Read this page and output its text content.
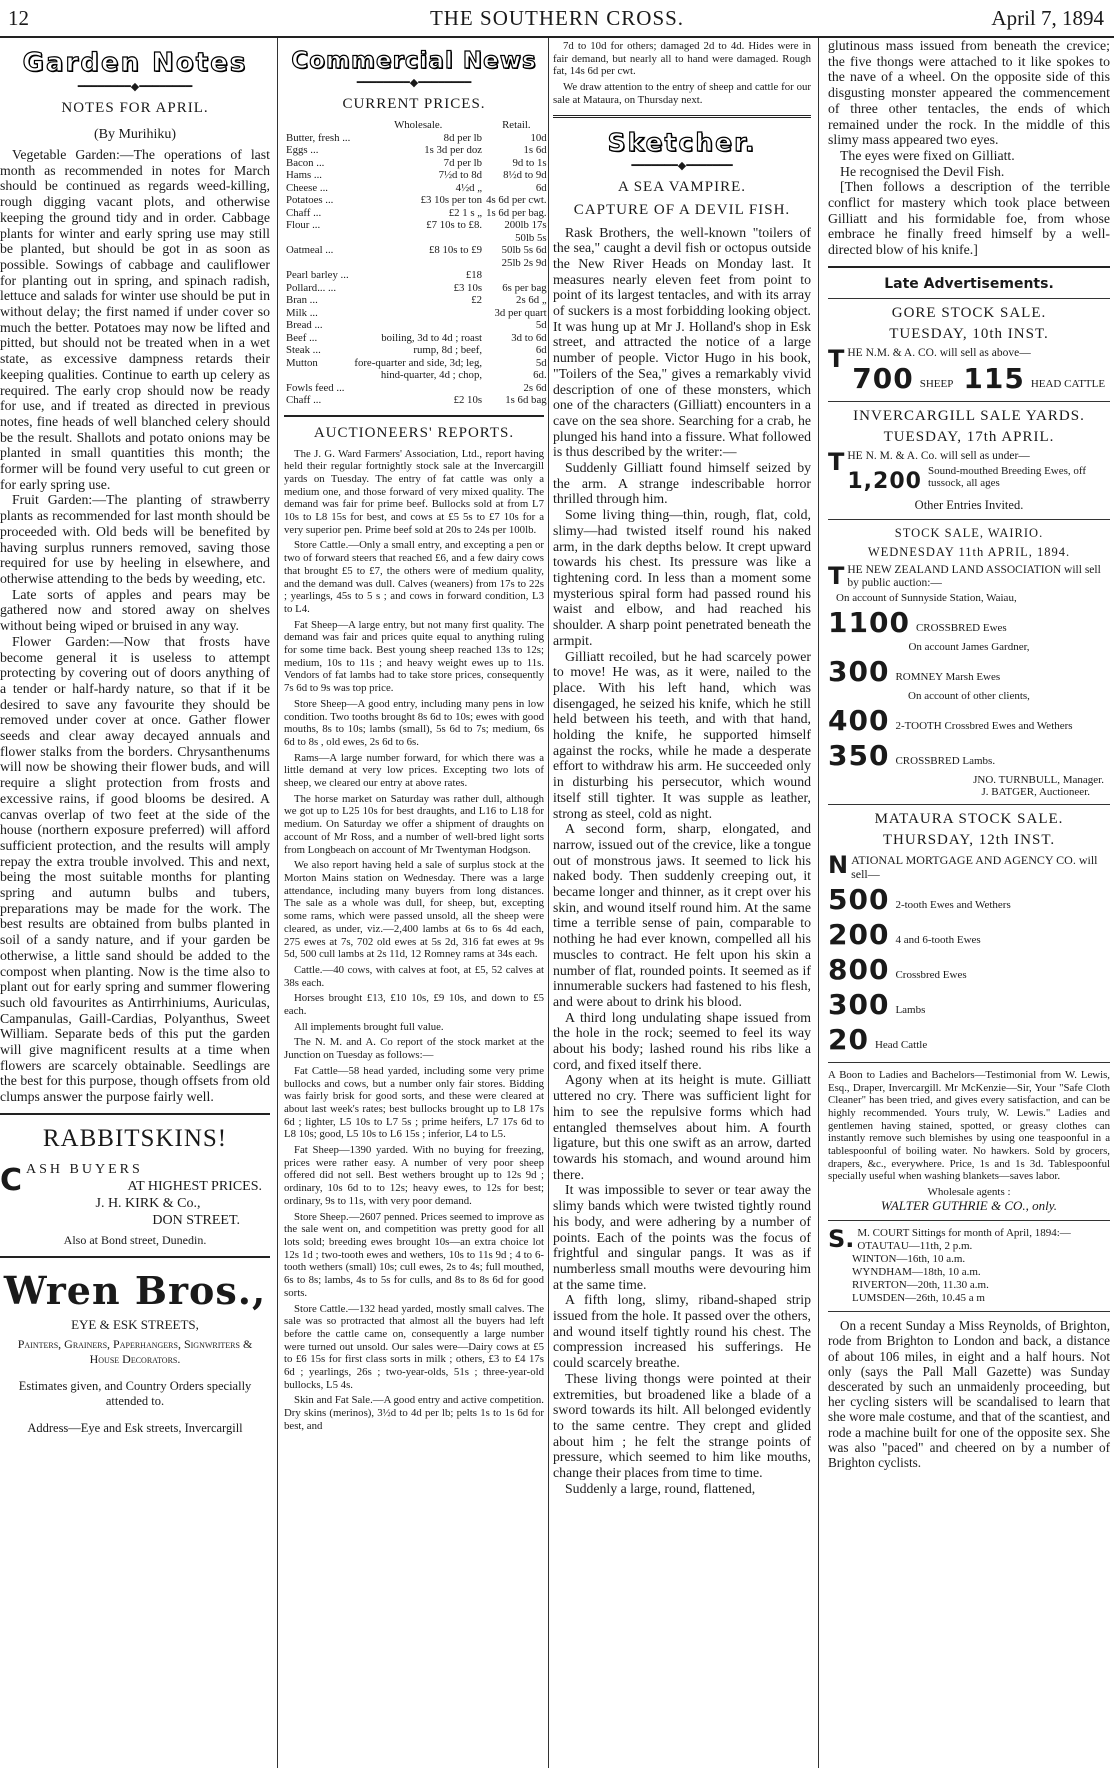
12	THE SOUTHERN CROSS.	April 7, 1894
Garden Notes
━━━━━━━━◆━━━━━━━━
NOTES FOR APRIL.
(By Murihiku)

Vegetable Garden:—The operations of last month as recommended in notes for March should be continued as regards weed-killing, rough digging vacant plots, and otherwise keeping the ground tidy and in order. Cabbage plants for winter and early spring use may still be planted, but should be got in as soon as possible. Sowings of cabbage and cauliflower for planting out in spring, and spinach radish, lettuce and salads for winter use should be put in without delay; the first named if under cover so much the better. Potatoes may now be lifted and pitted, but should not be treated when in a wet state, as excessive dampness retards their keeping qualities. Continue to earth up celery as required. The early crop should now be ready for use, and if treated as directed in previous notes, fine heads of well blanched celery should be the result. Shallots and potato onions may be planted in small quantities this month; the former will be found very useful to cut green or for early spring use.

Fruit Garden:—The planting of strawberry plants as recommended for last month should be proceeded with. Old beds will be benefited by having surplus runners removed, saving those required for use by heeling in elsewhere, and otherwise attending to the beds by weeding, etc.

Late sorts of apples and pears may be gathered now and stored away on shelves without being wiped or bruised in any way.

Flower Garden:—Now that frosts have become general it is useless to attempt protecting by covering out of doors anything of a tender or half-hardy nature, so that if it be desired to save any favourite they should be removed under cover at once. Gather flower seeds and clear away decayed annuals and flower stalks from the borders. Chrysanthenums will now be showing their flower buds, and will require a slight protection from frosts and excessive rains, if good blooms be desired. A canvas overlap of two feet at the side of the house (northern exposure preferred) will afford sufficient protection, and the results will amply repay the extra trouble involved. This and next, being the most suitable months for planting spring and autumn bulbs and tubers, preparations may be made for the work. The best results are obtained from bulbs planted in soil of a sandy nature, and if your garden be otherwise, a little sand should be added to the compost when planting. Now is the time also to plant out for early spring and summer flowering such old favourites as Antirrhiniums, Auriculas, Campanulas, Gaill-Cardias, Polyanthus, Sweet William. Separate beds of this put the garden will give magnificent results at a time when flowers are scarcely obtainable. Seedlings are the best for this purpose, though offsets from old clumps answer the purpose fairly well.

RABBITSKINS!
C ASH BUYERS
AT HIGHEST PRICES.
J. H. KIRK & Co.,
DON STREET.
Also at Bond street, Dunedin.
Wren Bros.,
EYE & ESK STREETS,
Painters, Grainers, Paperhangers, Signwriters & House Decorators.
Estimates given, and Country Orders specially attended to.
Address—Eye and Esk streets, Invercargill
Commercial News
━━━━━━━━◆━━━━━━━━
CURRENT PRICES.
	Wholesale.	Retail.
Butter, fresh ...	8d per lb	10d
Eggs ...	1s 3d per doz	1s 6d
Bacon ...	7d per lb	9d to 1s
Hams ...	7½d to 8d	8½d to 9d
Cheese ...	4½d „	6d
Potatoes ...	£3 10s per ton	4s 6d per cwt.
Chaff ...	£2 1 s „	1s 6d per bag.
Flour ...	£7 10s to £8.	200lb 17s
		50lb 5s
Oatmeal ...	£8 10s to £9	50lb 5s 6d
		25lb 2s 9d
Pearl barley ...	£18	
Pollard... ...	£3 10s	6s per bag
Bran ...	£2	2s 6d „
Milk ...		3d per quart
Bread ...		5d
Beef ...	boiling, 3d to 4d ; roast	3d to 6d
Steak ...	rump, 8d ; beef,	6d
Mutton	fore-quarter and side, 3d; leg,	5d
	hind-quarter, 4d ; chop,	6d.
Fowls feed ...		2s 6d
Chaff ...	£2 10s	1s 6d bag
AUCTIONEERS' REPORTS.

The J. G. Ward Farmers' Association, Ltd., report having held their regular fortnightly stock sale at the Invercargill yards on Tuesday. The entry of fat cattle was only a medium one, and those forward of very mixed quality. The demand was fair for prime beef. Bullocks sold at from L7 10s to L8 15s for best, and cows at £5 5s to £7 10s for a very superior pen. Prime beef sold at 20s to 24s per 100lb.

Store Cattle.—Only a small entry, and excepting a pen or two of forward steers that reached £6, and a few dairy cows that brought £5 to £7, the others were of medium quality, and the demand was dull. Calves (weaners) from 17s to 22s ; yearlings, 45s to 5 s ; and cows in forward condition, L3 to L4.

Fat Sheep—A large entry, but not many first quality. The demand was fair and prices quite equal to anything ruling for some time back. Best young sheep reached 13s to 12s; medium, 10s to 11s ; and heavy weight ewes up to 11s. Vendors of fat lambs had to take store prices, consequently 7s 6d to 9s was top price.

Store Sheep—A good entry, including many pens in low condition. Two tooths brought 8s 6d to 10s; ewes with good mouths, 8s to 10s; lambs (small), 5s 6d to 7s; medium, 6s 6d to 8s , old ewes, 2s 6d to 6s.

Rams—A large number forward, for which there was a little demand at very low prices. Excepting two lots of sheep, we cleared our entry at above rates.

The horse market on Saturday was rather dull, although we got up to L25 10s for best draughts, and L16 to L18 for medium. On Saturday we offer a shipment of draughts on account of Mr Ross, and a number of well-bred light sorts from Longbeach on account of Mr Twentyman Hodgson.

We also report having held a sale of surplus stock at the Morton Mains station on Wednesday. There was a large attendance, including many buyers from long distances. The sale as a whole was dull, for sheep, but, excepting some rams, which were passed unsold, all the sheep were cleared, as under, viz.—2,400 lambs at 6s to 6s 4d each, 275 ewes at 7s, 702 old ewes at 5s 2d, 316 fat ewes at 9s 5d, 500 cull lambs at 2s 11d, 12 Romney rams at 34s each.

Cattle.—40 cows, with calves at foot, at £5, 52 calves at 38s each.

Horses brought £13, £10 10s, £9 10s, and down to £5 each.

All implements brought full value.

The N. M. and A. Co report of the stock market at the Junction on Tuesday as follows:—

Fat Cattle—58 head yarded, including some very prime bullocks and cows, but a number only fair stores. Bidding was fairly brisk for good sorts, and these were cleared at about last week's rates; best bullocks brought up to L8 17s 6d ; lighter, L5 10s to L7 5s ; prime heifers, L7 17s 6d to L8 10s; good, L5 10s to L6 15s ; inferior, L4 to L5.

Fat Sheep—1390 yarded. With no buying for freezing, prices were rather easy. A number of very poor sheep offered did not sell. Best wethers brought up to 12s 9d ; ordinary, 10s 6d to to 12s; heavy ewes, to 12s for best; ordinary, 9s to 11s, with very poor demand.

Store Sheep.—2607 penned. Prices seemed to improve as the sale went on, and competition was pretty good for all lots sold; breeding ewes brought 10s—an extra choice lot 12s 1d ; two-tooth ewes and wethers, 10s to 11s 9d ; 4 to 6-tooth wethers (small) 10s; cull ewes, 2s to 4s; full mouthed, 6s to 8s; lambs, 4s to 5s for culls, and 8s to 8s 6d for good sorts.

Store Cattle.—132 head yarded, mostly small calves. The sale was so protracted that almost all the buyers had left before the cattle came on, consequently a large number were turned out unsold. Our sales were—Dairy cows at £5 to £6 15s for first class sorts in milk ; others, £3 to £4 17s 6d ; yearlings, 26s ; two-year-olds, 51s ; three-year-old bullocks, L5 4s.

Skin and Fat Sale.—A good entry and active competition. Dry skins (merinos), 3½d to 4d per lb; pelts 1s to 1s 6d for best, and

7d to 10d for others; damaged 2d to 4d. Hides were in fair demand, but nearly all to hand were damaged. Rough fat, 14s 6d per cwt.

We draw attention to the entry of sheep and cattle for our sale at Mataura, on Thursday next.

Sketcher.
━━━━━━━◆━━━━━━━
A SEA VAMPIRE.
CAPTURE OF A DEVIL FISH.

Rask Brothers, the well-known "toilers of the sea," caught a devil fish or octopus outside the New River Heads on Monday last. It measures nearly eleven feet from point to point of its largest tentacles, and with its array of suckers is a most forbidding looking object. It was hung up at Mr J. Holland's shop in Esk street, and attracted the notice of a large number of people. Victor Hugo in his book, "Toilers of the Sea," gives a remarkably vivid description of one of these monsters, which one of the characters (Gilliatt) encounters in a cave on the sea shore. Searching for a crab, he plunged his hand into a fissure. What followed is thus described by the writer:—

Suddenly Gilliatt found himself seized by the arm. A strange indescribable horror thrilled through him.

Some living thing—thin, rough, flat, cold, slimy—had twisted itself round his naked arm, in the dark depths below. It crept upward towards his chest. Its pressure was like a tightening cord. In less than a moment some mysterious spiral form had passed round his waist and elbow, and had reached his shoulder. A sharp point penetrated beneath the armpit.

Gilliatt recoiled, but he had scarcely power to move! He was, as it were, nailed to the place. With his left hand, which was disengaged, he seized his knife, which he still held between his teeth, and with that hand, holding the knife, he supported himself against the rocks, while he made a desperate effort to withdraw his arm. He succeeded only in disturbing his persecutor, which wound itself still tighter. It was supple as leather, strong as steel, cold as night.

A second form, sharp, elongated, and narrow, issued out of the crevice, like a tongue out of monstrous jaws. It seemed to lick his naked body. Then suddenly creeping out, it became longer and thinner, as it crept over his skin, and wound itself round him. At the same time a terrible sense of pain, comparable to nothing he had ever known, compelled all his muscles to contract. He felt upon his skin a number of flat, rounded points. It seemed as if innumerable suckers had fastened to his flesh, and were about to drink his blood.

A third long undulating shape issued from the hole in the rock; seemed to feel its way about his body; lashed round his ribs like a cord, and fixed itself there.

Agony when at its height is mute. Gilliatt uttered no cry. There was sufficient light for him to see the repulsive forms which had entangled themselves about him. A fourth ligature, but this one swift as an arrow, darted towards his stomach, and wound around him there.

It was impossible to sever or tear away the slimy bands which were twisted tightly round his body, and were adhering by a number of points. Each of the points was the focus of frightful and singular pangs. It was as if numberless small mouths were devouring him at the same time.

A fifth long, slimy, riband-shaped strip issued from the hole. It passed over the others, and wound itself tightly round his chest. The compression increased his sufferings. He could scarcely breathe.

These living thongs were pointed at their extremities, but broadened like a blade of a sword towards its hilt. All belonged evidently to the same centre. They crept and glided about him ; he felt the strange points of pressure, which seemed to him like mouths, change their places from time to time.

Suddenly a large, round, flattened,

glutinous mass issued from beneath the crevice; the five thongs were attached to it like spokes to the nave of a wheel. On the opposite side of this disgusting monster appeared the commencement of three other tentacles, the ends of which remained under the rock. In the middle of this slimy mass appeared two eyes.

The eyes were fixed on Gilliatt.

He recognised the Devil Fish.

[Then follows a description of the terrible conflict for mastery which took place between Gilliatt and his formidable foe, from whose embrace he finally freed himself by a well-directed blow of his knife.]

Late Advertisements.
GORE STOCK SALE.
TUESDAY, 10th INST.
T HE N.M. & A. CO. will sell as above—
700 SHEEP 115 HEAD CATTLE
INVERCARGILL SALE YARDS.
TUESDAY, 17th APRIL.
T HE N. M. & A. Co. will sell as under—
1,200 Sound-mouthed Breeding Ewes, off tussock, all ages
Other Entries Invited.
STOCK SALE, WAIRIO.
WEDNESDAY 11th APRIL, 1894.
T HE NEW ZEALAND LAND ASSOCIATION will sell by public auction:—
On account of Sunnyside Station, Waiau,
1100 CROSSBRED Ewes
On account James Gardner,
300 ROMNEY Marsh Ewes
On account of other clients,
400 2-TOOTH Crossbred Ewes and Wethers
350 CROSSBRED Lambs.
JNO. TURNBULL, Manager.
J. BATGER, Auctioneer.
MATAURA STOCK SALE.
THURSDAY, 12th INST.
N ATIONAL MORTGAGE AND AGENCY CO. will sell—
500 2-tooth Ewes and Wethers
200 4 and 6-tooth Ewes
800 Crossbred Ewes
300 Lambs
20 Head Cattle

A Boon to Ladies and Bachelors—Testimonial from W. Lewis, Esq., Draper, Invercargill. Mr McKenzie—Sir, Your "Safe Cloth Cleaner" has been tried, and gives every satisfaction, and can be highly recommended. Yours truly, W. Lewis." Ladies and gentlemen having stained, spotted, or greasy clothes can instantly remove such blemishes by using one teaspoonful in a tablespoonful of boiling water. No hawkers. Sold by grocers, drapers, &c., everywhere. Price, 1s and 1s 3d. Tablespoonful specially useful when washing blankets—saves labor.

Wholesale agents :
WALTER GUTHRIE & CO., only.
S. M. COURT Sittings for month of April, 1894:—
OTAUTAU—11th, 2 p.m.
WINTON—16th, 10 a.m.
WYNDHAM—18th, 10 a.m.
RIVERTON—20th, 11.30 a.m.
LUMSDEN—26th, 10.45 a m

On a recent Sunday a Miss Reynolds, of Brighton, rode from Brighton to London and back, a distance of about 106 miles, in eight and a half hours. Not only (says the Pall Mall Gazette) was Sunday descerated by such an unmaidenly proceeding, but her cycling sisters will be scandalised to learn that she wore male costume, and that of the scantiest, and rode a machine built for one of the opposite sex. She was also "paced" and cheered on by a number of Brighton cyclists.
